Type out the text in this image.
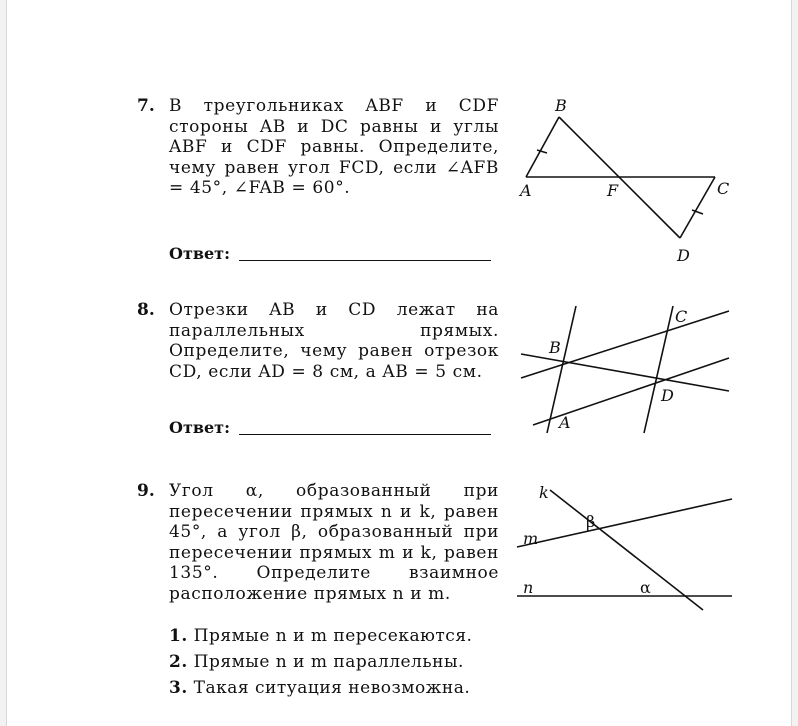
7. В треугольниках ABF и CDF стороны AB и DC равны и углы ABF и CDF равны. Определите, чему равен угол FCD, если ∠AFB = 45°, ∠FAB = 60°.
Ответ:
B
A	F	C
D
8. Отрезки AB и CD лежат на параллельных прямых. Определите, чему равен отрезок CD, если AD = 8 см, а AB = 5 см.
Ответ:
B
C
D
A
9. Угол α, образованный при пересечении прямых n и k, равен 45°, а угол β, образованный при пересечении прямых m и k, равен 135°. Определите взаимное расположение прямых n и m.
1. Прямые n и m пересекаются.
2. Прямые n и m параллельны.
3. Такая ситуация невозможна.
k
m
n
β
α
